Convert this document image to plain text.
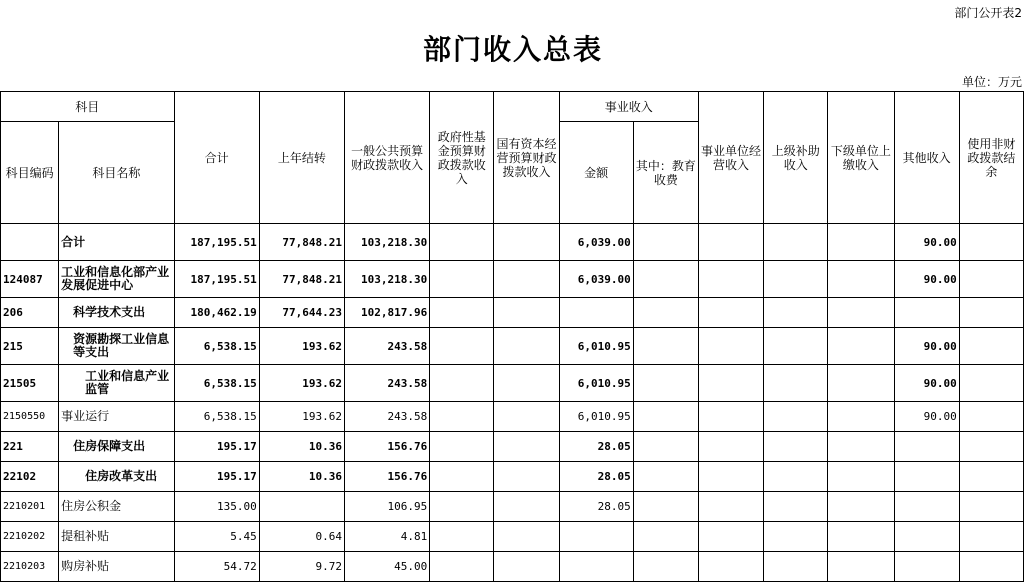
部门公开表2
部门收入总表
单位：万元
科目		合计	上年结转	一般公共预算财政拨款收入	政府性基金预算财政拨款收入	国有资本经营预算财政拨款收入	事业收入		事业单位经营收入	上级补助收入	下级单位上缴收入	其他收入	使用非财政拨款结余
科目编码	科目名称						金额	其中：教育收费					
	合计	187,195.51	77,848.21	103,218.30			6,039.00					90.00	
124087	工业和信息化部产业发展促进中心	187,195.51	77,848.21	103,218.30			6,039.00					90.00	
206	科学技术支出	180,462.19	77,644.23	102,817.96									
215	资源勘探工业信息等支出	6,538.15	193.62	243.58			6,010.95					90.00	
21505	工业和信息产业监管	6,538.15	193.62	243.58			6,010.95					90.00	
2150550	事业运行	6,538.15	193.62	243.58			6,010.95					90.00	
221	住房保障支出	195.17	10.36	156.76			28.05						
22102	住房改革支出	195.17	10.36	156.76			28.05						
2210201	住房公积金	135.00		106.95			28.05						
2210202	提租补贴	5.45	0.64	4.81									
2210203	购房补贴	54.72	9.72	45.00									
